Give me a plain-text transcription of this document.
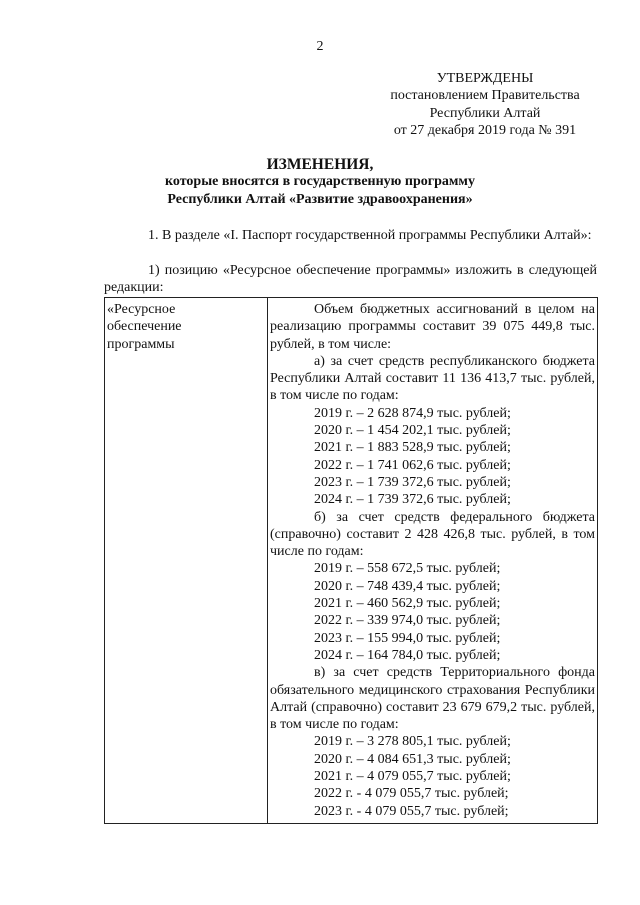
2
УТВЕРЖДЕНЫ
постановлением Правительства
Республики Алтай
от 27 декабря 2019 года № 391
ИЗМЕНЕНИЯ,
которые вносятся в государственную программу
Республики Алтай «Развитие здравоохранения»
1. В разделе «I. Паспорт государственной программы Республики Алтай»:
1) позицию «Ресурсное обеспечение программы» изложить в следующей редакции:
«Ресурсное
обеспечение
программы
Объем бюджетных ассигнований в целом на реализацию программы составит 39 075 449,8 тыс. рублей, в том числе:
а) за счет средств республиканского бюджета Республики Алтай составит 11 136 413,7 тыс. рублей, в том числе по годам:
2019 г. – 2 628 874,9 тыс. рублей;
2020 г. – 1 454 202,1 тыс. рублей;
2021 г. – 1 883 528,9 тыс. рублей;
2022 г. – 1 741 062,6 тыс. рублей;
2023 г. – 1 739 372,6 тыс. рублей;
2024 г. – 1 739 372,6 тыс. рублей;
б) за счет средств федерального бюджета (справочно) составит 2 428 426,8 тыс. рублей, в том числе по годам:
2019 г. – 558 672,5 тыс. рублей;
2020 г. – 748 439,4 тыс. рублей;
2021 г. – 460 562,9 тыс. рублей;
2022 г. – 339 974,0 тыс. рублей;
2023 г. – 155 994,0 тыс. рублей;
2024 г. – 164 784,0 тыс. рублей;
в) за счет средств Территориального фонда обязательного медицинского страхования Республики Алтай (справочно) составит 23 679 679,2 тыс. рублей, в том числе по годам:
2019 г. – 3 278 805,1 тыс. рублей;
2020 г. – 4 084 651,3 тыс. рублей;
2021 г. – 4 079 055,7 тыс. рублей;
2022 г. - 4 079 055,7 тыс. рублей;
2023 г. - 4 079 055,7 тыс. рублей;
